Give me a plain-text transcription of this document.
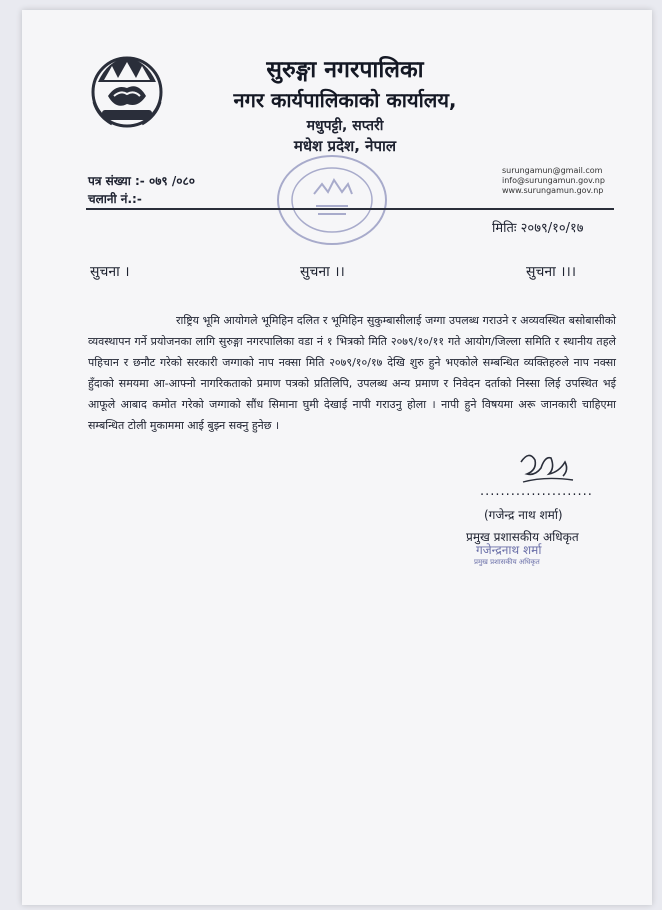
सुरुङ्गा नगरपालिका
नगर कार्यपालिकाको कार्यालय,
मधुपट्टी, सप्तरी
मधेश प्रदेश, नेपाल
पत्र संख्या :- ०७९ /०८०
चलानी नं.:-
surungamun@gmail.com
info@surungamun.gov.np
www.surungamun.gov.np
मितिः २०७९/१०/१७
सुचना ।	सुचना ।।	सुचना ।।।
राष्ट्रिय भूमि आयोगले भूमिहिन दलित र भूमिहिन सुकुम्बासीलाई जग्गा उपलब्ध गराउने र अव्यवस्थित बसोबासीको व्यवस्थापन गर्ने प्रयोजनका लागि सुरुङ्गा नगरपालिका वडा नं १ भित्रको मिति २०७९/१०/११ गते आयोग/जिल्ला समिति र स्थानीय तहले पहिचान र छनौट गरेको सरकारी जग्गाको नाप नक्सा मिति २०७९/१०/१७ देखि शुरु हुने भएकोले सम्बन्धित व्यक्तिहरुले नाप नक्सा हुँदाको समयमा आ-आफ्नो नागरिकताको प्रमाण पत्रको प्रतिलिपि, उपलब्ध अन्य प्रमाण र निवेदन दर्ताको निस्सा लिई उपस्थित भई आफूले आबाद कमोत गरेको जग्गाको सौंध सिमाना घुमी देखाई नापी गराउनु होला । नापी हुने विषयमा अरू जानकारी चाहिएमा सम्बन्धित टोली मुकाममा आई बुझ्न सक्नु हुनेछ ।
......................
(गजेन्द्र नाथ शर्मा)
प्रमुख प्रशासकीय अधिकृत
गजेन्द्रनाथ शर्मा
प्रमुख प्रशासकीय अधिकृत
